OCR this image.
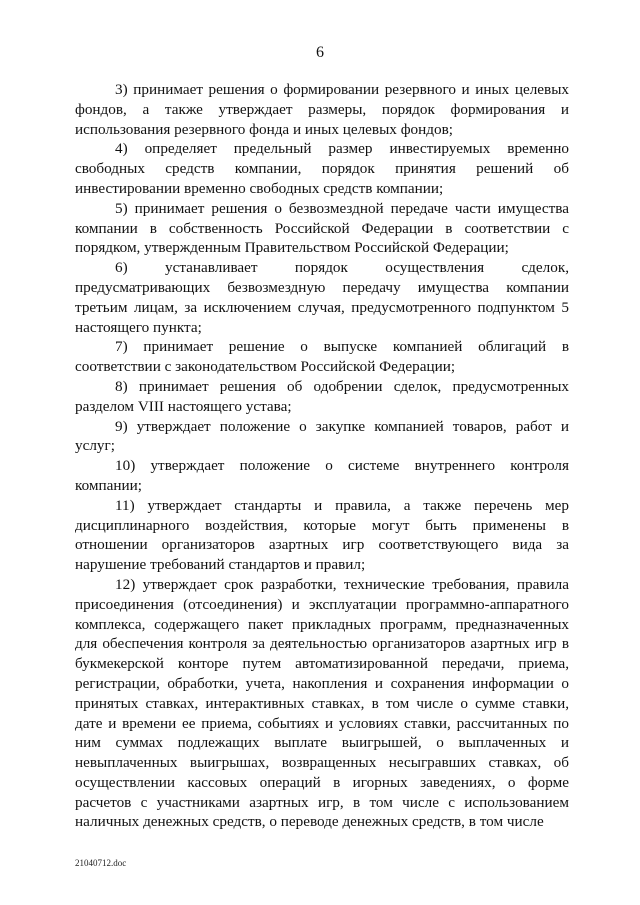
6

3) принимает решения о формировании резервного и иных целевых фондов, а также утверждает размеры, порядок формирования и использования резервного фонда и иных целевых фондов;

4) определяет предельный размер инвестируемых временно свободных средств компании, порядок принятия решений об инвестировании временно свободных средств компании;

5) принимает решения о безвозмездной передаче части имущества компании в собственность Российской Федерации в соответствии с порядком, утвержденным Правительством Российской Федерации;

6) устанавливает порядок осуществления сделок, предусматривающих безвозмездную передачу имущества компании третьим лицам, за исключением случая, предусмотренного подпунктом 5 настоящего пункта;

7) принимает решение о выпуске компанией облигаций в соответствии с законодательством Российской Федерации;

8) принимает решения об одобрении сделок, предусмотренных разделом VIII настоящего устава;

9) утверждает положение о закупке компанией товаров, работ и услуг;

10) утверждает положение о системе внутреннего контроля компании;

11) утверждает стандарты и правила, а также перечень мер дисциплинарного воздействия, которые могут быть применены в отношении организаторов азартных игр соответствующего вида за нарушение требований стандартов и правил;

12) утверждает срок разработки, технические требования, правила присоединения (отсоединения) и эксплуатации программно-аппаратного комплекса, содержащего пакет прикладных программ, предназначенных для обеспечения контроля за деятельностью организаторов азартных игр в букмекерской конторе путем автоматизированной передачи, приема, регистрации, обработки, учета, накопления и сохранения информации о принятых ставках, интерактивных ставках, в том числе о сумме ставки, дате и времени ее приема, событиях и условиях ставки, рассчитанных по ним суммах подлежащих выплате выигрышей, о выплаченных и невыплаченных выигрышах, возвращенных несыгравших ставках, об осуществлении кассовых операций в игорных заведениях, о форме расчетов с участниками азартных игр, в том числе с использованием наличных денежных средств, о переводе денежных средств, в том числе

21040712.doc
